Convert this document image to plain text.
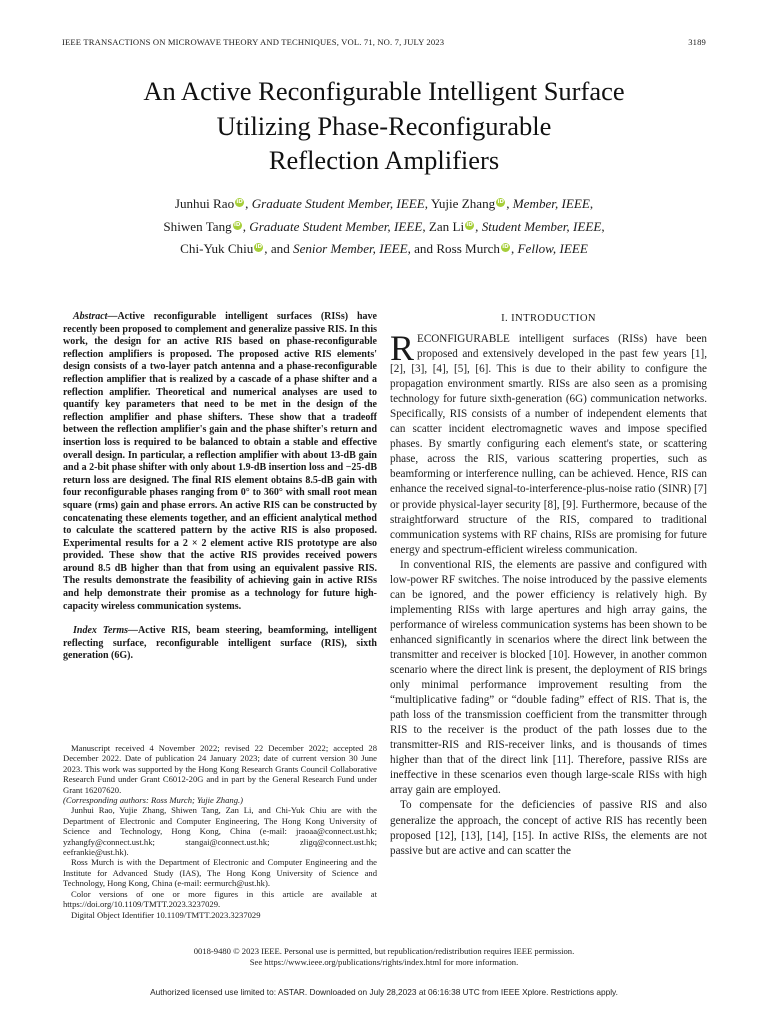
IEEE TRANSACTIONS ON MICROWAVE THEORY AND TECHNIQUES, VOL. 71, NO. 7, JULY 2023	3189
An Active Reconfigurable Intelligent Surface
Utilizing Phase-Reconfigurable
Reflection Amplifiers
Junhui Rao iD , Graduate Student Member, IEEE, Yujie Zhang iD , Member, IEEE,
Shiwen Tang iD , Graduate Student Member, IEEE, Zan Li iD , Student Member, IEEE,
Chi-Yuk Chiu iD , and Senior Member, IEEE, and Ross Murch iD , Fellow, IEEE

Abstract—Active reconfigurable intelligent surfaces (RISs) have recently been proposed to complement and generalize passive RIS. In this work, the design for an active RIS based on phase-reconfigurable reflection amplifiers is proposed. The proposed active RIS elements' design consists of a two-layer patch antenna and a phase-reconfigurable reflection amplifier that is realized by a cascade of a phase shifter and a reflection amplifier. Theoretical and numerical analyses are used to quantify key parameters that need to be met in the design of the reflection amplifier and phase shifters. These show that a tradeoff between the reflection amplifier's gain and the phase shifter's return and insertion loss is required to be balanced to obtain a stable and effective overall design. In particular, a reflection amplifier with about 13-dB gain and a 2-bit phase shifter with only about 1.9-dB insertion loss and −25-dB return loss are designed. The final RIS element obtains 8.5-dB gain with four reconfigurable phases ranging from 0° to 360° with small root mean square (rms) gain and phase errors. An active RIS can be constructed by concatenating these elements together, and an efficient analytical method to calculate the scattered pattern by the active RIS is also proposed. Experimental results for a 2 × 2 element active RIS prototype are also provided. These show that the active RIS provides received powers around 8.5 dB higher than that from using an equivalent passive RIS. The results demonstrate the feasibility of achieving gain in active RISs and help demonstrate their promise as a technology for future high-capacity wireless communication systems.

Index Terms—Active RIS, beam steering, beamforming, intelligent reflecting surface, reconfigurable intelligent surface (RIS), sixth generation (6G).

Manuscript received 4 November 2022; revised 22 December 2022; accepted 28 December 2022. Date of publication 24 January 2023; date of current version 30 June 2023. This work was supported by the Hong Kong Research Grants Council Collaborative Research Fund under Grant C6012-20G and in part by the General Research Fund under Grant 16207620.

(Corresponding authors: Ross Murch; Yujie Zhang.)

Junhui Rao, Yujie Zhang, Shiwen Tang, Zan Li, and Chi-Yuk Chiu are with the Department of Electronic and Computer Engineering, The Hong Kong University of Science and Technology, Hong Kong, China (e-mail: jraoaa@connect.ust.hk; yzhangfy@connect.ust.hk; stangai@connect.ust.hk; zligq@connect.ust.hk; eefrankie@ust.hk).

Ross Murch is with the Department of Electronic and Computer Engineering and the Institute for Advanced Study (IAS), The Hong Kong University of Science and Technology, Hong Kong, China (e-mail: eermurch@ust.hk).

Color versions of one or more figures in this article are available at https://doi.org/10.1109/TMTT.2023.3237029.

Digital Object Identifier 10.1109/TMTT.2023.3237029

I. INTRODUCTION

RECONFIGURABLE intelligent surfaces (RISs) have been proposed and extensively developed in the past few years [1], [2], [3], [4], [5], [6]. This is due to their ability to configure the propagation environment smartly. RISs are also seen as a promising technology for future sixth-generation (6G) communication networks. Specifically, RIS consists of a number of independent elements that can scatter incident electromagnetic waves and impose specified phases. By smartly configuring each element's state, or scattering phase, across the RIS, various scattering properties, such as beamforming or interference nulling, can be achieved. Hence, RIS can enhance the received signal-to-interference-plus-noise ratio (SINR) [7] or provide physical-layer security [8], [9]. Furthermore, because of the straightforward structure of the RIS, compared to traditional communication systems with RF chains, RISs are promising for future energy and spectrum-efficient wireless communication.

In conventional RIS, the elements are passive and configured with low-power RF switches. The noise introduced by the passive elements can be ignored, and the power efficiency is relatively high. By implementing RISs with large apertures and high array gains, the performance of wireless communication systems has been shown to be enhanced significantly in scenarios where the direct link between the transmitter and receiver is blocked [10]. However, in another common scenario where the direct link is present, the deployment of RIS brings only minimal performance improvement resulting from the “multiplicative fading” or “double fading” effect of RIS. That is, the path loss of the transmission coefficient from the transmitter through RIS to the receiver is the product of the path losses due to the transmitter-RIS and RIS-receiver links, and is thousands of times higher than that of the direct link [11]. Therefore, passive RISs are ineffective in these scenarios even though large-scale RISs with high array gain are employed.

To compensate for the deficiencies of passive RIS and also generalize the approach, the concept of active RIS has recently been proposed [12], [13], [14], [15]. In active RISs, the elements are not passive but are active and can scatter the

0018-9480 © 2023 IEEE. Personal use is permitted, but republication/redistribution requires IEEE permission.
See https://www.ieee.org/publications/rights/index.html for more information.
Authorized licensed use limited to: ASTAR. Downloaded on July 28,2023 at 06:16:38 UTC from IEEE Xplore. Restrictions apply.
